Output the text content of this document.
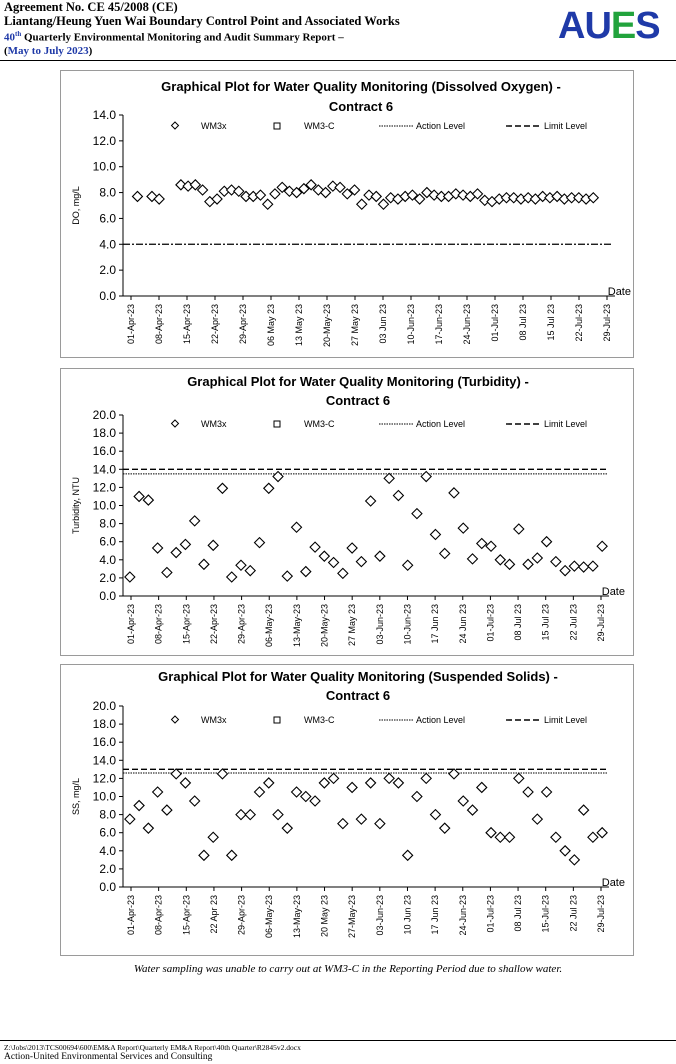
Agreement No. CE 45/2008 (CE)
Liantang/Heung Yuen Wai Boundary Control Point and Associated Works
40th Quarterly Environmental Monitoring and Audit Summary Report –
(May to July 2023)
AUES
Graphical Plot for Water Quality Monitoring (Dissolved Oxygen) -
Contract 6
0.0
2.0
4.0
6.0
8.0
10.0
12.0
14.0
DO, mg/L
01-Apr-23 08-Apr-23 15-Apr-23 22-Apr-23 29-Apr-23 06 May 23 13 May 23 20-May-23 27 May 23 03 Jun 23 10-Jun-23 17-Jun-23 24-Jun-23 01-Jul-23 08 Jul 23 15 Jul 23 22-Jul-23 29-Jul-23
Date
WM3x	WM3-C	Action Level	Limit Level
Graphical Plot for Water Quality Monitoring (Turbidity) -
Contract 6
0.0
2.0
4.0
6.0
8.0
10.0
12.0
14.0
16.0
18.0
20.0
Turbidity, NTU
01-Apr-23 08-Apr-23 15-Apr-23 22-Apr-23 29-Apr-23 06-May-23 13-May-23 20-May-23 27 May 23 03-Jun-23 10-Jun-23 17 Jun 23 24 Jun 23 01-Jul-23 08 Jul 23 15 Jul 23 22 Jul 23 29-Jul-23
Date
WM3x	WM3-C	Action Level	Limit Level
Graphical Plot for Water Quality Monitoring (Suspended Solids) -
Contract 6
0.0
2.0
4.0
6.0
8.0
10.0
12.0
14.0
16.0
18.0
20.0
SS, mg/L
01-Apr-23 08-Apr-23 15-Apr-23 22 Apr 23 29-Apr-23 06-May-23 13-May-23 20 May 23 27-May-23 03-Jun-23 10 Jun 23 17 Jun 23 24-Jun-23 01-Jul-23 08 Jul 23 15-Jul-23 22 Jul 23 29-Jul-23
Date
WM3x	WM3-C	Action Level	Limit Level
Water sampling was unable to carry out at WM3-C in the Reporting Period due to shallow water.
Z:\Jobs\2013\TCS00694\600\EM&A Report\Quarterly EM&A Report\40th Quarter\R2845v2.docx
Action-United Environmental Services and Consulting
